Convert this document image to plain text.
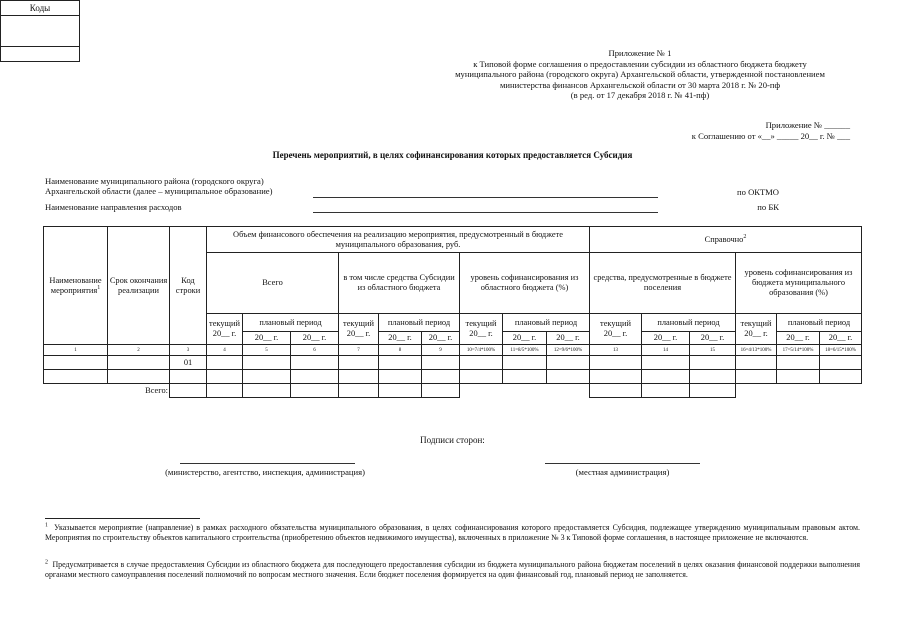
Приложение № 1
к Типовой форме соглашения о предоставлении субсидии из областного бюджета бюджету
муниципального района (городского округа) Архангельской области, утвержденной постановлением
министерства финансов Архангельской области от 30 марта 2018 г. № 20-пф
(в ред. от 17 декабря 2018 г. № 41-пф)
Приложение № ______
к Соглашению от «__» _____ 20__ г. № ___
Перечень мероприятий, в целях софинансирования которых предоставляется Субсидия
Коды

по ОКТМО
по БК
Наименование муниципального района (городского округа)
Архангельской области (далее – муниципальное образование)
Наименование направления расходов
Наименование мероприятия$^1$	Срок окончания реализации	Код строки	Объем финансового обеспечения на реализацию мероприятия, предусмотренный в бюджете муниципального образования, руб.									Справочно$^2$
			Всего			в том числе средства Субсидии из областного бюджета			уровень софинансирования из областного бюджета (%)			средства, предусмотренные в бюджете поселения			уровень софинансирования из бюджета муниципального образования (%)		
			текущий 20__ г.	плановый период		текущий 20__ г.	плановый период		текущий 20__ г.	плановый период		текущий 20__ г.	плановый период		текущий 20__ г.	плановый период	
				20__ г.	20__ г.		20__ г.	20__ г.		20__ г.	20__ г.		20__ г.	20__ г.		20__ г.	20__ г.
1	2	3	4	5	6	7	8	9	10=7/4*100%	11=8/5*100%	12=9/6*100%	13	14	15	16=4/13*100%	17=5/14*100%	18=6/15*100%
		01															

	Всего:																
Подписи сторон:
(министерство, агентство, инспекция, администрация)	(местная администрация)
$^1$ Указывается мероприятие (направление) в рамках расходного обязательства муниципального образования, в целях софинансирования которого предоставляется Субсидия, подлежащее утверждению муниципальным правовым актом. Мероприятия по строительству объектов капитального строительства (приобретению объектов недвижимого имущества), включенных в приложение № 3 к Типовой форме соглашения, в настоящее приложение не включаются.
$^2$ Предусматривается в случае предоставления Субсидии из областного бюджета для последующего предоставления субсидии из бюджета муниципального района бюджетам поселений в целях оказания финансовой поддержки выполнения органами местного самоуправления поселений полномочий по вопросам местного значения. Если бюджет поселения формируется на один финансовый год, плановый период не заполняется.
